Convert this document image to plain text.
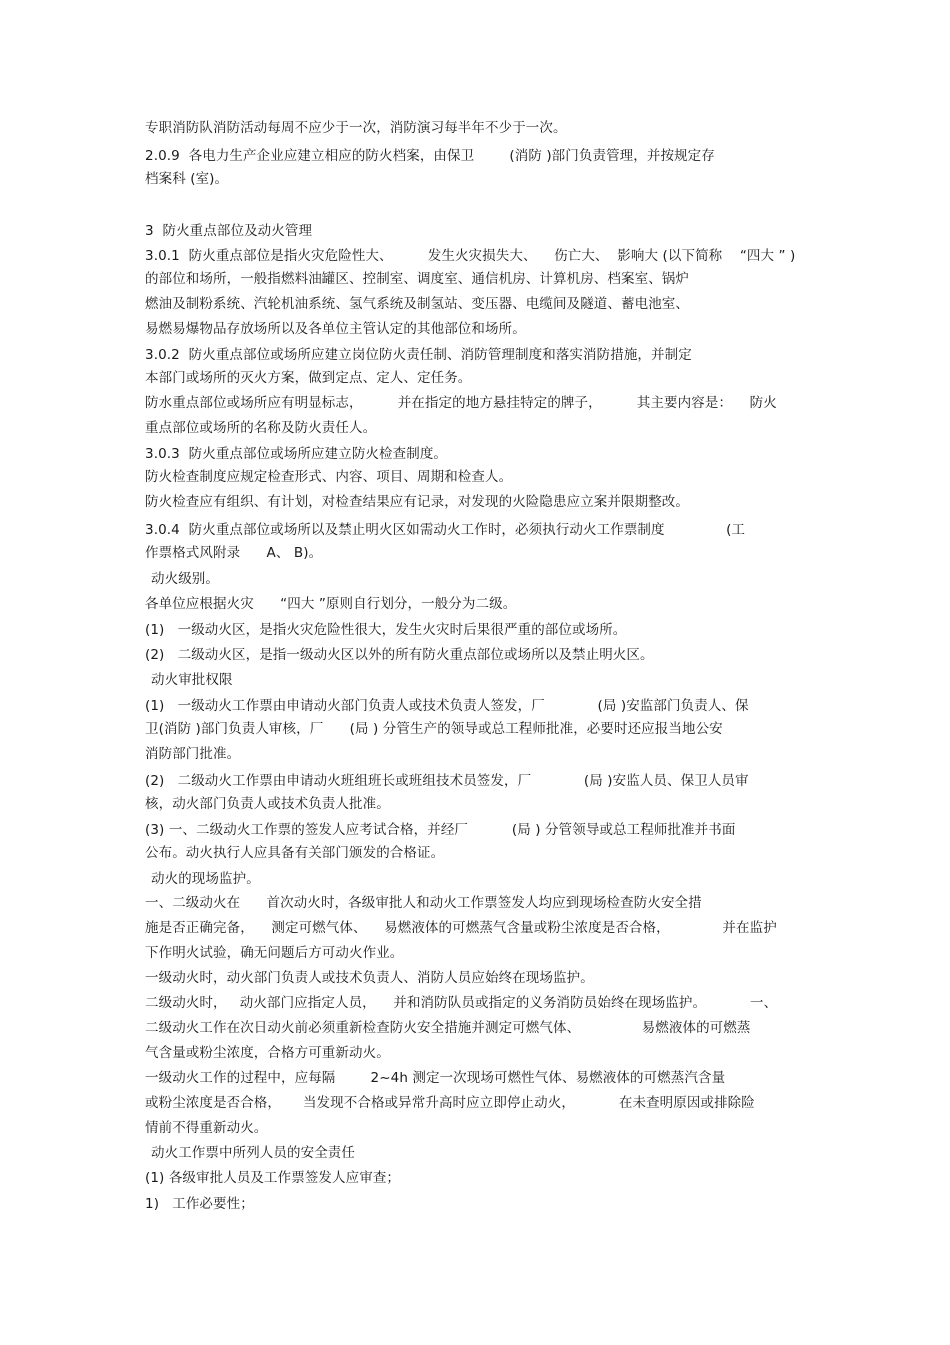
专职消防队消防活动每周不应少于一次，消防演习每半年不少于一次。
2.0.9  各电力生产企业应建立相应的防火档案，由保卫        (消防 )部门负责管理，并按规定存
档案科 (室)。
3  防火重点部位及动火管理
3.0.1  防火重点部位是指火灾危险性大、        发生火灾损失大、    伤亡大、  影响大 (以下简称    “四大 ” )
的部位和场所，一般指燃料油罐区、控制室、调度室、通信机房、计算机房、档案室、锅炉
燃油及制粉系统、汽轮机油系统、氢气系统及制氢站、变压器、电缆间及隧道、蓄电池室、
易燃易爆物品存放场所以及各单位主管认定的其他部位和场所。
3.0.2  防火重点部位或场所应建立岗位防火责任制、消防管理制度和落实消防措施，并制定
本部门或场所的灭火方案，做到定点、定人、定任务。
防水重点部位或场所应有明显标志，        并在指定的地方悬挂特定的牌子，        其主要内容是：    防火
重点部位或场所的名称及防火责任人。
3.0.3  防火重点部位或场所应建立防火检查制度。
防火检查制度应规定检查形式、内容、项目、周期和检查人。
防火检查应有组织、有计划，对检查结果应有记录，对发现的火险隐患应立案并限期整改。
3.0.4  防火重点部位或场所以及禁止明火区如需动火工作时，必须执行动火工作票制度              (工
作票格式风附录      A、 B)。
动火级别。
各单位应根据火灾      “四大 ”原则自行划分，一般分为二级。
(1)   一级动火区，是指火灾危险性很大，发生火灾时后果很严重的部位或场所。
(2)   二级动火区，是指一级动火区以外的所有防火重点部位或场所以及禁止明火区。
动火审批权限
(1)   一级动火工作票由申请动火部门负责人或技术负责人签发，厂            (局 )安监部门负责人、保
卫(消防 )部门负责人审核，厂      (局 ) 分管生产的领导或总工程师批准，必要时还应报当地公安
消防部门批准。
(2)   二级动火工作票由申请动火班组班长或班组技术员签发，厂            (局 )安监人员、保卫人员审
核，动火部门负责人或技术负责人批准。
(3) 一、二级动火工作票的签发人应考试合格，并经厂          (局 ) 分管领导或总工程师批准并书面
公布。动火执行人应具备有关部门颁发的合格证。
动火的现场监护。
一、二级动火在      首次动火时，各级审批人和动火工作票签发人均应到现场检查防火安全措
施是否正确完备，    测定可燃气体、    易燃液体的可燃蒸气含量或粉尘浓度是否合格，            并在监护
下作明火试验，确无问题后方可动火作业。
一级动火时，动火部门负责人或技术负责人、消防人员应始终在现场监护。
二级动火时，   动火部门应指定人员，    并和消防队员或指定的义务消防员始终在现场监护。          一、
二级动火工作在次日动火前必须重新检查防火安全措施并测定可燃气体、              易燃液体的可燃蒸
气含量或粉尘浓度，合格方可重新动火。
一级动火工作的过程中，应每隔        2~4h 测定一次现场可燃性气体、易燃液体的可燃蒸汽含量
或粉尘浓度是否合格，     当发现不合格或异常升高时应立即停止动火，          在未查明原因或排除险
情前不得重新动火。
动火工作票中所列人员的安全责任
(1) 各级审批人员及工作票签发人应审查；
1)   工作必要性；
